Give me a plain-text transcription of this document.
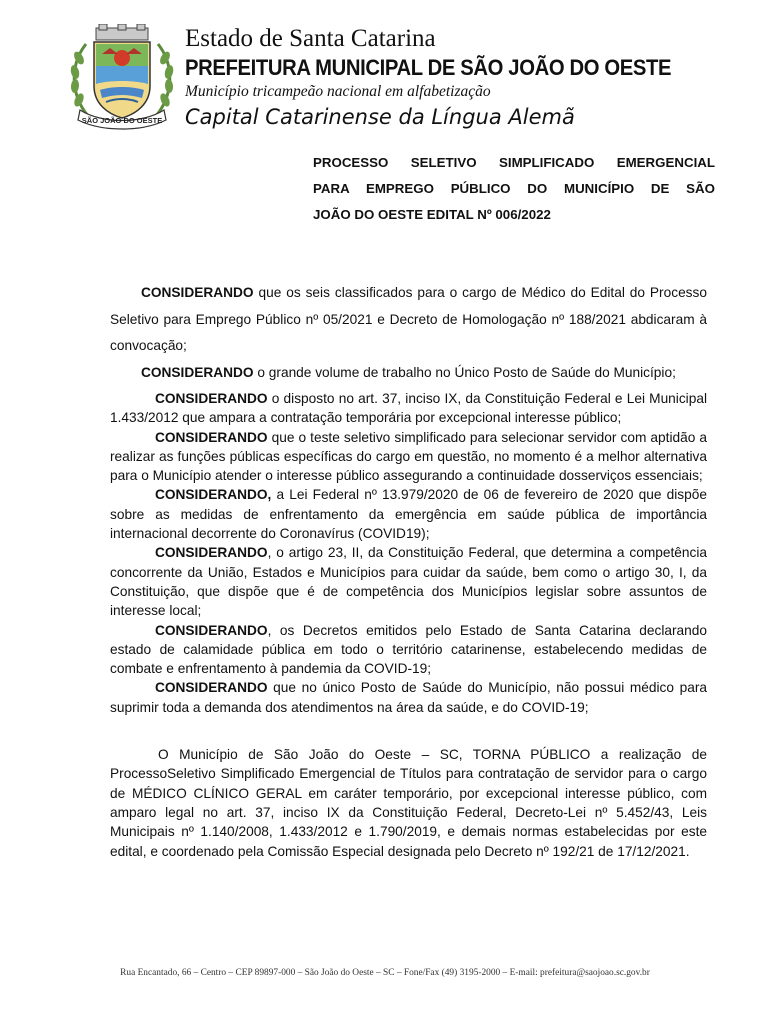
SÃO JOÃO DO OESTE

Estado de Santa Catarina

PREFEITURA MUNICIPAL DE SÃO JOÃO DO OESTE

Município tricampeão nacional em alfabetização

Capital Catarinense da Língua Alemã

PROCESSO SELETIVO SIMPLIFICADO EMERGENCIAL
PARA EMPREGO PÚBLICO DO MUNICÍPIO DE SÃO
JOÃO DO OESTE EDITAL Nº 006/2022

CONSIDERANDO que os seis classificados para o cargo de Médico do Edital do Processo Seletivo para Emprego Público nº 05/2021 e Decreto de Homologação nº 188/2021 abdicaram à convocação;

CONSIDERANDO o grande volume de trabalho no Único Posto de Saúde do Município;

CONSIDERANDO o disposto no art. 37, inciso IX, da Constituição Federal e Lei Municipal 1.433/2012 que ampara a contratação temporária por excepcional interesse público;

CONSIDERANDO que o teste seletivo simplificado para selecionar servidor com aptidão a realizar as funções públicas específicas do cargo em questão, no momento é a melhor alternativa para o Município atender o interesse público assegurando a continuidade dosserviços essenciais;

CONSIDERANDO, a Lei Federal nº 13.979/2020 de 06 de fevereiro de 2020 que dispõe sobre as medidas de enfrentamento da emergência em saúde pública de importância internacional decorrente do Coronavírus (COVID19);

CONSIDERANDO, o artigo 23, II, da Constituição Federal, que determina a competência concorrente da União, Estados e Municípios para cuidar da saúde, bem como o artigo 30, I, da Constituição, que dispõe que é de competência dos Municípios legislar sobre assuntos de interesse local;

CONSIDERANDO, os Decretos emitidos pelo Estado de Santa Catarina declarando estado de calamidade pública em todo o território catarinense, estabelecendo medidas de combate e enfrentamento à pandemia da COVID-19;

CONSIDERANDO que no único Posto de Saúde do Município, não possui médico para suprimir toda a demanda dos atendimentos na área da saúde, e do COVID-19;

O Município de São João do Oeste – SC, TORNA PÚBLICO a realização de ProcessoSeletivo Simplificado Emergencial de Títulos para contratação de servidor para o cargo de MÉDICO CLÍNICO GERAL em caráter temporário, por excepcional interesse público, com amparo legal no art. 37, inciso IX da Constituição Federal, Decreto-Lei nº 5.452/43, Leis Municipais nº 1.140/2008, 1.433/2012 e 1.790/2019, e demais normas estabelecidas por este edital, e coordenado pela Comissão Especial designada pelo Decreto nº 192/21 de 17/12/2021.

Rua Encantado, 66 – Centro – CEP 89897-000 – São João do Oeste – SC – Fone/Fax (49) 3195-2000 – E-mail: prefeitura@saojoao.sc.gov.br
